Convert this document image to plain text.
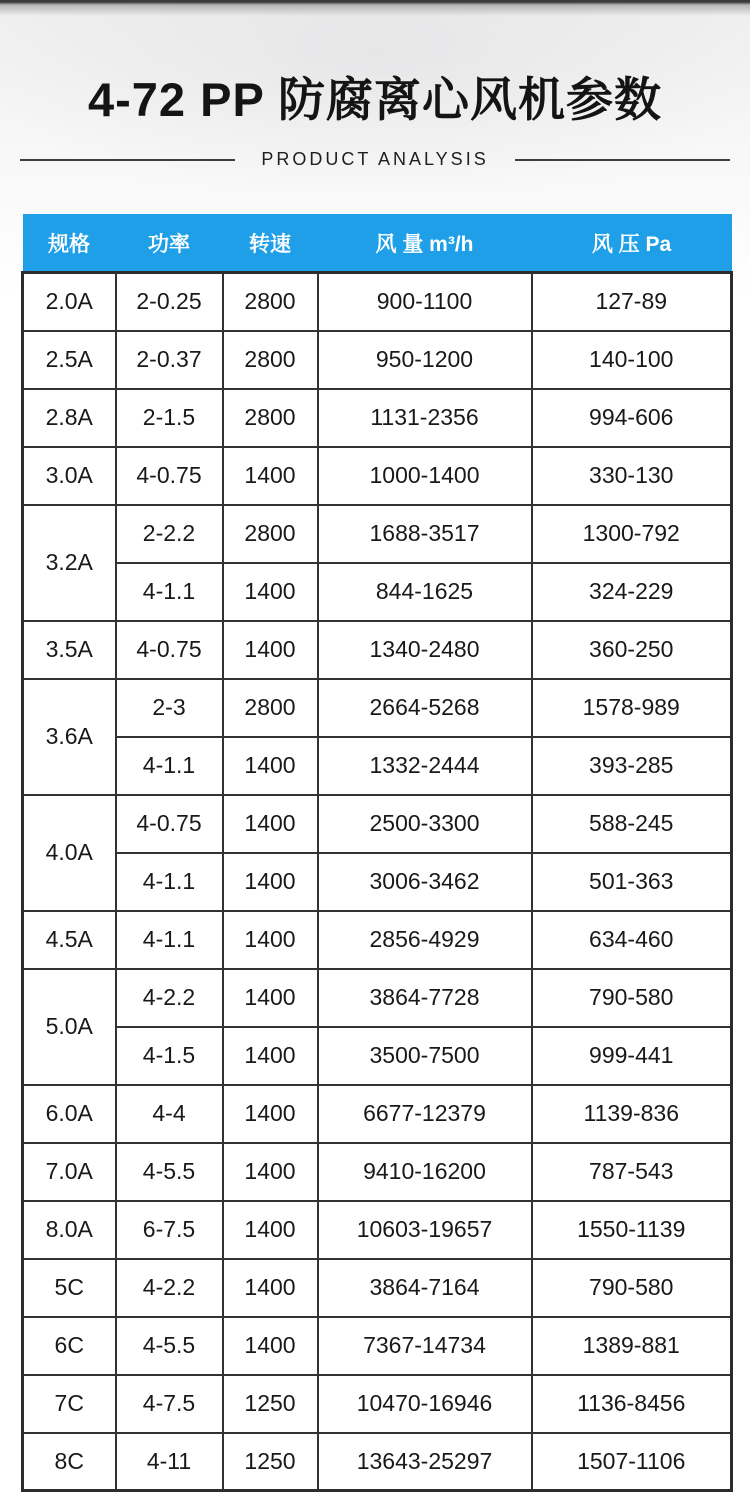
4-72 PP 防腐离心风机参数
PRODUCT ANALYSIS
规格	功率	转速	风 量 m³/h	风 压 Pa
2.0A	2-0.25	2800	900-1100	127-89
2.5A	2-0.37	2800	950-1200	140-100
2.8A	2-1.5	2800	1131-2356	994-606
3.0A	4-0.75	1400	1000-1400	330-130
3.2A	2-2.2	2800	1688-3517	1300-792
	4-1.1	1400	844-1625	324-229
3.5A	4-0.75	1400	1340-2480	360-250
3.6A	2-3	2800	2664-5268	1578-989
	4-1.1	1400	1332-2444	393-285
4.0A	4-0.75	1400	2500-3300	588-245
	4-1.1	1400	3006-3462	501-363
4.5A	4-1.1	1400	2856-4929	634-460
5.0A	4-2.2	1400	3864-7728	790-580
	4-1.5	1400	3500-7500	999-441
6.0A	4-4	1400	6677-12379	1139-836
7.0A	4-5.5	1400	9410-16200	787-543
8.0A	6-7.5	1400	10603-19657	1550-1139
5C	4-2.2	1400	3864-7164	790-580
6C	4-5.5	1400	7367-14734	1389-881
7C	4-7.5	1250	10470-16946	1136-8456
8C	4-11	1250	13643-25297	1507-1106
